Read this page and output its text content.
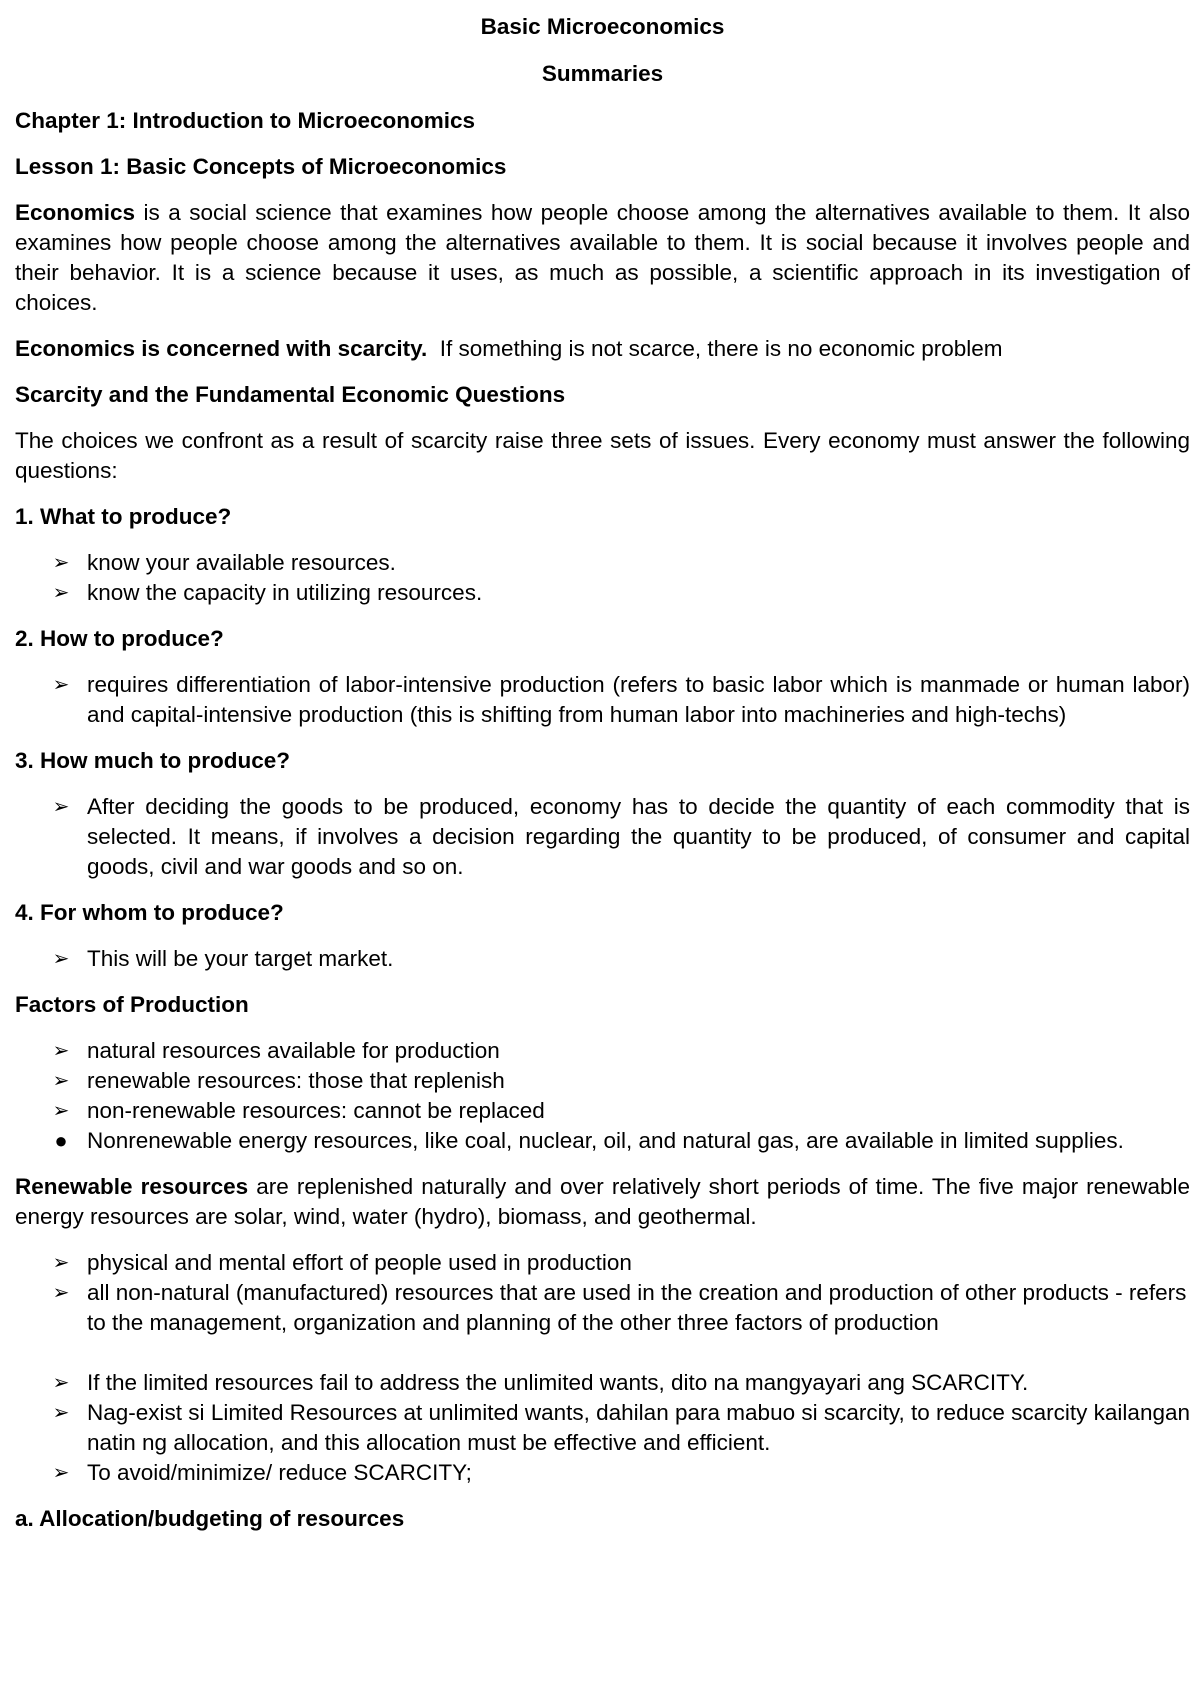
Basic Microeconomics
Summaries
Chapter 1: Introduction to Microeconomics
Lesson 1: Basic Concepts of Microeconomics

Economics is a social science that examines how people choose among the alternatives available to them. It also examines how people choose among the alternatives available to them. It is social because it involves people and their behavior. It is a science because it uses, as much as possible, a scientific approach in its investigation of choices.

Economics is concerned with scarcity.  If something is not scarce, there is no economic problem

Scarcity and the Fundamental Economic Questions

The choices we confront as a result of scarcity raise three sets of issues. Every economy must answer the following questions:

1. What to produce?
➢ know your available resources.
➢ know the capacity in utilizing resources.
2. How to produce?
➢ requires differentiation of labor-intensive production (refers to basic labor which is manmade or human labor) and capital-intensive production (this is shifting from human labor into machineries and high-techs)
3. How much to produce?
➢ After deciding the goods to be produced, economy has to decide the quantity of each commodity that is selected. It means, if involves a decision regarding the quantity to be produced, of consumer and capital goods, civil and war goods and so on.
4. For whom to produce?
➢ This will be your target market.
Factors of Production
➢ natural resources available for production
➢ renewable resources: those that replenish
➢ non-renewable resources: cannot be replaced
● Nonrenewable energy resources, like coal, nuclear, oil, and natural gas, are available in limited supplies.

Renewable resources are replenished naturally and over relatively short periods of time. The five major renewable energy resources are solar, wind, water (hydro), biomass, and geothermal.

➢ physical and mental effort of people used in production
➢ all non-natural (manufactured) resources that are used in the creation and production of other products - refers to the management, organization and planning of the other three factors of production
➢ If the limited resources fail to address the unlimited wants, dito na mangyayari ang SCARCITY.
➢ Nag-exist si Limited Resources at unlimited wants, dahilan para mabuo si scarcity, to reduce scarcity kailangan natin ng allocation, and this allocation must be effective and efficient.
➢ To avoid/minimize/ reduce SCARCITY;
a. Allocation/budgeting of resources
